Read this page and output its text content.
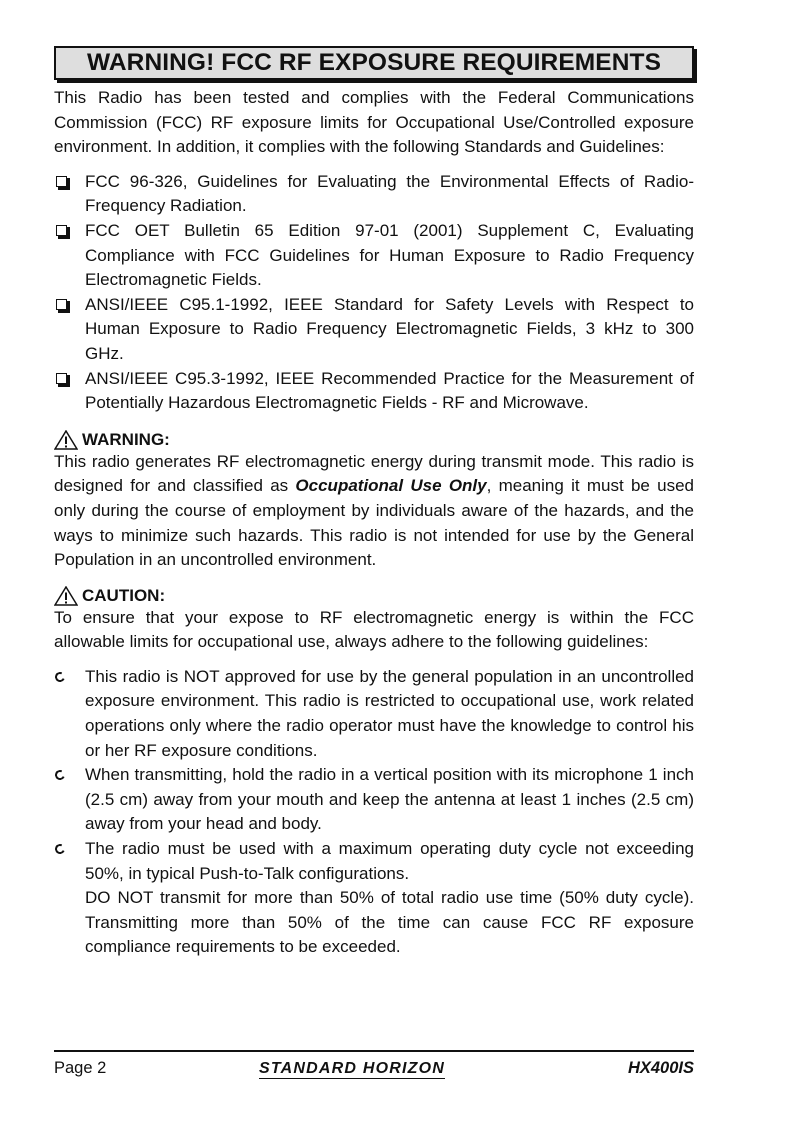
WARNING! FCC RF EXPOSURE REQUIREMENTS

This Radio has been tested and complies with the Federal Communications Commission (FCC) RF exposure limits for Occupational Use/Controlled exposure environment. In addition, it complies with the following Standards and Guidelines:

FCC 96-326, Guidelines for Evaluating the Environmental Effects of Radio-Frequency Radiation.
FCC OET Bulletin 65 Edition 97-01 (2001) Supplement C, Evaluating Compliance with FCC Guidelines for Human Exposure to Radio Frequency Electromagnetic Fields.
ANSI/IEEE C95.1-1992, IEEE Standard for Safety Levels with Respect to Human Exposure to Radio Frequency Electromagnetic Fields, 3 kHz to 300 GHz.
ANSI/IEEE C95.3-1992, IEEE Recommended Practice for the Measurement of Potentially Hazardous Electromagnetic Fields - RF and Microwave.
WARNING:

This radio generates RF electromagnetic energy during transmit mode. This radio is designed for and classified as Occupational Use Only, meaning it must be used only during the course of employment by individuals aware of the hazards, and the ways to minimize such hazards. This radio is not intended for use by the General Population in an uncontrolled environment.

CAUTION:

To ensure that your expose to RF electromagnetic energy is within the FCC allowable limits for occupational use, always adhere to the following guidelines:

This radio is NOT approved for use by the general population in an uncontrolled exposure environment. This radio is restricted to occupational use, work related operations only where the radio operator must have the knowledge to control his or her RF exposure conditions.
When transmitting, hold the radio in a vertical position with its microphone 1 inch (2.5 cm) away from your mouth and keep the antenna at least 1 inches (2.5 cm) away from your head and body.
The radio must be used with a maximum operating duty cycle not exceeding 50%, in typical Push-to-Talk configurations.
DO NOT transmit for more than 50% of total radio use time (50% duty cycle). Transmitting more than 50% of the time can cause FCC RF exposure compliance requirements to be exceeded.
Page 2	STANDARD HORIZON	HX400IS
